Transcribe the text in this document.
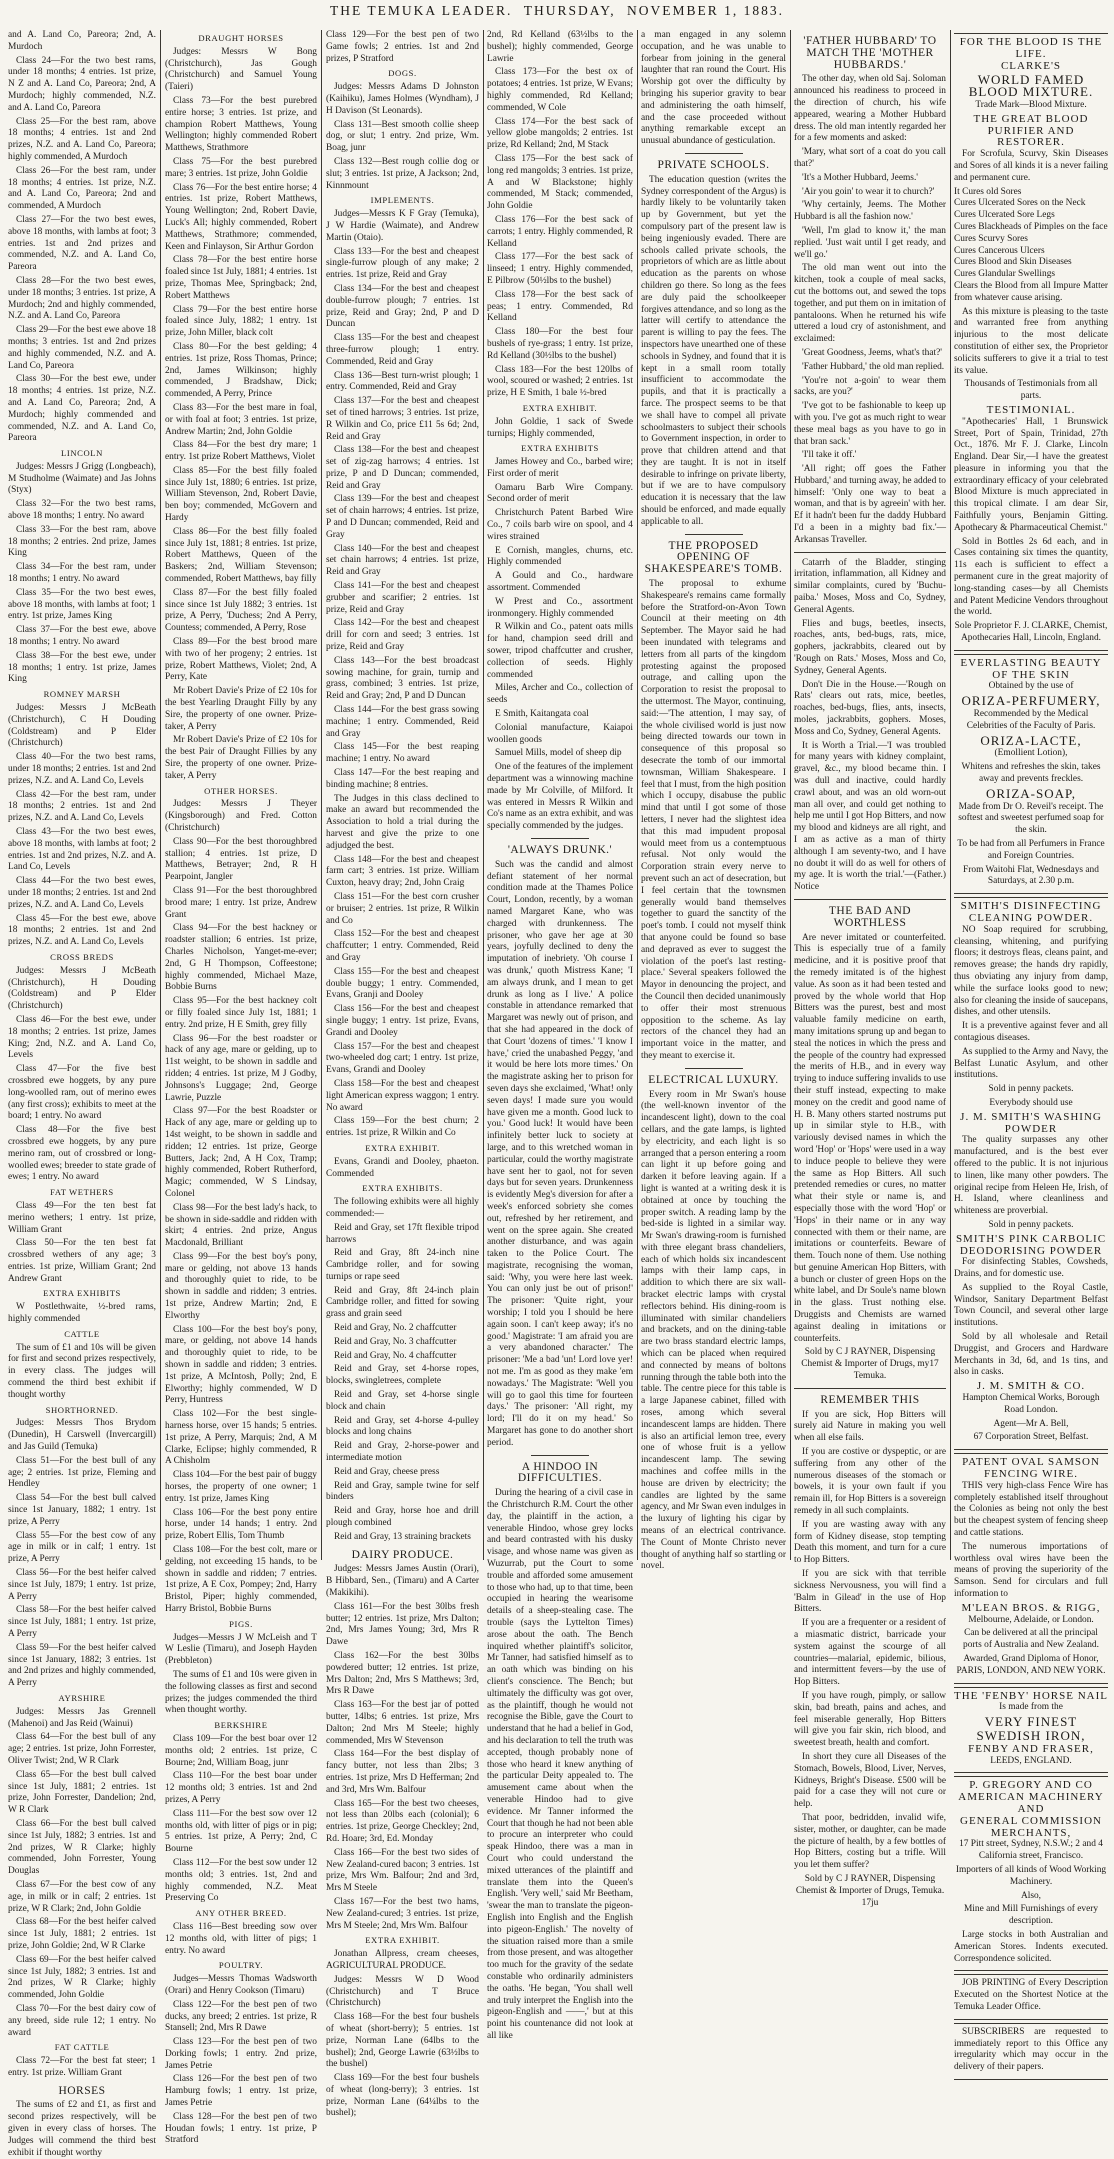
THE TEMUKA LEADER. THURSDAY, NOVEMBER 1, 1883.

and A. Land Co, Pareora; 2nd, A. Murdoch

Class 24—For the two best rams, under 18 months; 4 entries. 1st prize, N Z and A. Land Co, Pareora; 2nd, A Murdoch; highly commended, N.Z. and A. Land Co, Pareora

Class 25—For the best ram, above 18 months; 4 entries. 1st and 2nd prizes, N.Z. and A. Land Co, Pareora; highly commended, A Murdoch

Class 26—For the best ram, under 18 months; 4 entries. 1st prize, N.Z. and A. Land Co, Pareora; 2nd and commended, A Murdoch

Class 27—For the two best ewes, above 18 months, with lambs at foot; 3 entries. 1st and 2nd prizes and commended, N.Z. and A. Land Co, Pareora

Class 28—For the two best ewes, under 18 months; 3 entries. 1st prize, A Murdoch; 2nd and highly commended, N.Z. and A. Land Co, Pareora

Class 29—For the best ewe above 18 months; 3 entries. 1st and 2nd prizes and highly commended, N.Z. and A. Land Co, Pareora

Class 30—For the best ewe, under 18 months; 4 entries. 1st prize, N.Z. and A. Land Co, Pareora; 2nd, A Murdoch; highly commended and commended, N.Z. and A. Land Co, Pareora

LINCOLN

Judges: Messrs J Grigg (Longbeach), M Studholme (Waimate) and Jas Johns (Styx)

Class 32—For the two best rams, above 18 months; 1 entry. No award

Class 33—For the best ram, above 18 months; 2 entries. 2nd prize, James King

Class 34—For the best ram, under 18 months; 1 entry. No award

Class 35—For the two best ewes, above 18 months, with lambs at foot; 1 entry. 1st prize, James King

Class 37—For the best ewe, above 18 months; 1 entry. No award

Class 38—For the best ewe, under 18 months; 1 entry. 1st prize, James King

ROMNEY MARSH

Judges: Messrs J McBeath (Christchurch), C H Douding (Coldstream) and P Elder (Christchurch)

Class 40—For the two best rams, under 18 months; 2 entries. 1st and 2nd prizes, N.Z. and A. Land Co, Levels

Class 42—For the best ram, under 18 months; 2 entries. 1st and 2nd prizes, N.Z. and A. Land Co, Levels

Class 43—For the two best ewes, above 18 months, with lambs at foot; 2 entries. 1st and 2nd prizes, N.Z. and A. Land Co, Levels

Class 44—For the two best ewes, under 18 months; 2 entries. 1st and 2nd prizes, N.Z. and A. Land Co, Levels

Class 45—For the best ewe, above 18 months; 2 entries. 1st and 2nd prizes, N.Z. and A. Land Co, Levels

CROSS BREDS

Judges: Messrs J McBeath (Christchurch), H Douding (Coldstream) and P Elder (Christchurch)

Class 46—For the best ewe, under 18 months; 2 entries. 1st prize, James King; 2nd, N.Z. and A. Land Co, Levels

Class 47—For the five best crossbred ewe hoggets, by any pure long-woolled ram, out of merino ewes (any first cross); exhibits to meet at the board; 1 entry. No award

Class 48—For the five best crossbred ewe hoggets, by any pure merino ram, out of crossbred or long-woolled ewes; breeder to state grade of ewes; 1 entry. No award

FAT WETHERS

Class 49—For the ten best fat merino wethers; 1 entry. 1st prize, William Grant

Class 50—For the ten best fat crossbred wethers of any age; 3 entries. 1st prize, William Grant; 2nd Andrew Grant

EXTRA EXHIBITS

W Postlethwaite, ½-bred rams, highly commended

CATTLE

The sum of £1 and 10s will be given for first and second prizes respectively, in every class. The judges will commend the third best exhibit if thought worthy

SHORTHORNED.

Judges: Messrs Thos Brydom (Dunedin), H Carswell (Invercargill) and Jas Guild (Temuka)

Class 51—For the best bull of any age; 2 entries. 1st prize, Fleming and Hendley

Class 54—For the best bull calved since 1st January, 1882; 1 entry. 1st prize, A Perry

Class 55—For the best cow of any age in milk or in calf; 1 entry. 1st prize, A Perry

Class 56—For the best heifer calved since 1st July, 1879; 1 entry. 1st prize, A Perry

Class 58—For the best heifer calved since 1st July, 1881; 1 entry. 1st prize, A Perry

Class 59—For the best heifer calved since 1st January, 1882; 3 entries. 1st and 2nd prizes and highly commended, A Perry

AYRSHIRE

Judges: Messrs Jas Grennell (Mahenoi) and Jas Reid (Wainui)

Class 64—For the best bull of any age; 2 entries. 1st prize, John Forrester, Oliver Twist; 2nd, W R Clark

Class 65—For the best bull calved since 1st July, 1881; 2 entries. 1st prize, John Forrester, Dandelion; 2nd, W R Clark

Class 66—For the best bull calved since 1st July, 1882; 3 entries. 1st and 2nd prizes, W R Clarke; highly commended, John Forrester, Young Douglas

Class 67—For the best cow of any age, in milk or in calf; 2 entries. 1st prize, W R Clark; 2nd, John Goldie

Class 68—For the best heifer calved since 1st July, 1881; 2 entries. 1st prize, John Goldie; 2nd, W R Clarke

Class 69—For the best heifer calved since 1st July, 1882; 3 entries. 1st and 2nd prizes, W R Clarke; highly commended, John Goldie

Class 70—For the best dairy cow of any breed, side rule 12; 1 entry. No award

FAT CATTLE

Class 72—For the best fat steer; 1 entry. 1st prize. William Grant

HORSES

The sums of £2 and £1, as first and second prizes respectively, will be given in every class of horses. The Judges will commend the third best exhibit if thought worthy

DRAUGHT HORSES

Judges: Messrs W Bong (Christchurch), Jas Gough (Christchurch) and Samuel Young (Taieri)

Class 73—For the best purebred entire horse; 3 entries. 1st prize, and champion Robert Matthews, Young Wellington; highly commended Robert Matthews, Strathmore

Class 75—For the best purebred mare; 3 entries. 1st prize, John Goldie

Class 76—For the best entire horse; 4 entries. 1st prize, Robert Matthews, Young Wellington; 2nd, Robert Davie, Luck's All; highly commended, Robert Matthews, Strathmore; commended, Keen and Finlayson, Sir Arthur Gordon

Class 78—For the best entire horse foaled since 1st July, 1881; 4 entries. 1st prize, Thomas Mee, Springback; 2nd, Robert Matthews

Class 79—For the best entire horse foaled since July, 1882; 1 entry. 1st prize, John Miller, black colt

Class 80—For the best gelding; 4 entries. 1st prize, Ross Thomas, Prince; 2nd, James Wilkinson; highly commended, J Bradshaw, Dick; commended, A Perry, Prince

Class 83—For the best mare in foal, or with foal at foot; 3 entries. 1st prize, Andrew Martin; 2nd, John Goldie

Class 84—For the best dry mare; 1 entry. 1st prize Robert Matthews, Violet

Class 85—For the best filly foaled since July 1st, 1880; 6 entries. 1st prize, William Stevenson, 2nd, Robert Davie, ben boy; commended, McGovern and Hardy

Class 86—For the best filly foaled since July 1st, 1881; 8 entries. 1st prize, Robert Matthews, Queen of the Baskers; 2nd, William Stevenson; commended, Robert Matthews, bay filly

Class 87—For the best filly foaled since since 1st July 1882; 3 entries. 1st prize, A Perry, 'Duchess; 2nd A Perry, Countess; commended, A Perry, Rose

Class 89—For the best brood mare with two of her progeny; 2 entries. 1st prize, Robert Matthews, Violet; 2nd, A Perry, Kate

Mr Robert Davie's Prize of £2 10s for the best Yearling Draught Filly by any Sire, the property of one owner. Prize-taker, A Perry

Mr Robert Davie's Prize of £2 10s for the best Pair of Draught Fillies by any Sire, the property of one owner. Prize-taker, A Perry

OTHER HORSES.

Judges: Messrs J Theyer (Kingsborough) and Fred. Cotton (Christchurch)

Class 90—For the best thoroughbred stallion; 4 entries. 1st prize, D Matthews, Betrayer; 2nd, R H Pearpoint, Jangler

Class 91—For the best thoroughbred brood mare; 1 entry. 1st prize, Andrew Grant

Class 94—For the best hackney or roadster stallion; 6 entries. 1st prize, Charles Nicholson, Yanget-me-ever; 2nd, G H Thompson, Coffeestone; highly commended, Michael Maze, Bobbie Burns

Class 95—For the best hackney colt or filly foaled since July 1st, 1881; 1 entry. 2nd prize, H E Smith, grey filly

Class 96—For the best roadster or hack of any age, mare or gelding, up to 11st weight, to be shown in saddle and ridden; 4 entries. 1st prize, M J Godby, Johnsons's Luggage; 2nd, George Lawrie, Puzzle

Class 97—For the best Roadster or Hack of any age, mare or gelding up to 14st weight, to be shown in saddle and ridden; 12 entries. 1st prize, George Butters, Jack; 2nd, A H Cox, Tramp; highly commended, Robert Rutherford, Magic; commended, W S Lindsay, Colonel

Class 98—For the best lady's hack, to be shown in side-saddle and ridden with skirt; 4 entries. 2nd prize, Angus Macdonald, Brilliant

Class 99—For the best boy's pony, mare or gelding, not above 13 hands and thoroughly quiet to ride, to be shown in saddle and ridden; 3 entries. 1st prize, Andrew Martin; 2nd, E Elworthy

Class 100—For the best boy's pony, mare, or gelding, not above 14 hands and thoroughly quiet to ride, to be shown in saddle and ridden; 3 entries. 1st prize, A McIntosh, Polly; 2nd, E Elworthy; highly commended, W D Perry, Huntress

Class 102—For the best single-harness horse, over 15 hands; 5 entries. 1st prize, A Perry, Marquis; 2nd, A M Clarke, Eclipse; highly commended, R A Chisholm

Class 104—For the best pair of buggy horses, the property of one owner; 1 entry. 1st prize, James King

Class 106—For the best pony entire horse, under 14 hands; 1 entry. 2nd prize, Robert Ellis, Tom Thumb

Class 108—For the best colt, mare or gelding, not exceeding 15 hands, to be shown in saddle and ridden; 7 entries. 1st prize, A E Cox, Pompey; 2nd, Harry Bristol, Piper; highly commended, Harry Bristol, Bobbie Burns

PIGS.

Judges—Messrs J W McLeish and T W Leslie (Timaru), and Joseph Hayden (Prebbleton)

The sums of £1 and 10s were given in the following classes as first and second prizes; the judges commended the third when thought worthy.

BERKSHIRE

Class 109—For the best boar over 12 months old; 2 entries. 1st prize, C Bourne; 2nd, William Boag, junr

Class 110—For the best boar under 12 months old; 3 entries. 1st and 2nd prizes, A Perry

Class 111—For the best sow over 12 months old, with litter of pigs or in pig; 5 entries. 1st prize, A Perry; 2nd, C Bourne

Class 112—For the best sow under 12 months old; 3 entries. 1st, 2nd and highly commended, N.Z. Meat Preserving Co

ANY OTHER BREED.

Class 116—Best breeding sow over 12 months old, with litter of pigs; 1 entry. No award

POULTRY.

Judges—Messrs Thomas Wadsworth (Orari) and Henry Cookson (Timaru)

Class 122—For the best pen of two ducks, any breed; 2 entries. 1st prize, R Stansell; 2nd, Mrs R Dawe

Class 123—For the best pen of two Dorking fowls; 1 entry. 2nd prize, James Petrie

Class 126—For the best pen of two Hamburg fowls; 1 entry. 1st prize, James Petrie

Class 128—For the best pen of two Houdan fowls; 1 entry. 1st prize, P Stratford

Class 129—For the best pen of two Game fowls; 2 entries. 1st and 2nd prizes, P Stratford

DOGS.

Judges: Messrs Adams D Johnston (Kaihiku), James Holmes (Wyndham), J H Davison (St Leonards).

Class 131—Best smooth collie sheep dog, or slut; 1 entry. 2nd prize, Wm. Boag, junr

Class 132—Best rough collie dog or slut; 3 entries. 1st prize, A Jackson; 2nd, Kinnmount

IMPLEMENTS.

Judges—Messrs K F Gray (Temuka), J W Hardie (Waimate), and Andrew Martin (Otaio).

Class 133—For the best and cheapest single-furrow plough of any make; 2 entries. 1st prize, Reid and Gray

Class 134—For the best and cheapest double-furrow plough; 7 entries. 1st prize, Reid and Gray; 2nd, P and D Duncan

Class 135—For the best and cheapest three-furrow plough; 1 entry. Commended, Reid and Gray

Class 136—Best turn-wrist plough; 1 entry. Commended, Reid and Gray

Class 137—For the best and cheapest set of tined harrows; 3 entries. 1st prize, R Wilkin and Co, price £11 5s 6d; 2nd, Reid and Gray

Class 138—For the best and cheapest set of zig-zag harrows; 4 entries. 1st prize, P and D Duncan; commended, Reid and Gray

Class 139—For the best and cheapest set of chain harrows; 4 entries. 1st prize, P and D Duncan; commended, Reid and Gray

Class 140—For the best and cheapest set chain harrows; 4 entries. 1st prize, Reid and Gray

Class 141—For the best and cheapest grubber and scarifier; 2 entries. 1st prize, Reid and Gray

Class 142—For the best and cheapest drill for corn and seed; 3 entries. 1st prize, Reid and Gray

Class 143—For the best broadcast sowing machine, for grain, turnip and grass, combined; 3 entries. 1st prize, Reid and Gray; 2nd, P and D Duncan

Class 144—For the best grass sowing machine; 1 entry. Commended, Reid and Gray

Class 145—For the best reaping machine; 1 entry. No award

Class 147—For the best reaping and binding machine; 8 entries.

The Judges in this class declined to make an award but recommended the Association to hold a trial during the harvest and give the prize to one adjudged the best.

Class 148—For the best and cheapest farm cart; 3 entries. 1st prize. William Cuxton, heavy dray; 2nd, John Craig

Class 151—For the best corn crusher or bruiser; 2 entries. 1st prize, R Wilkin and Co

Class 152—For the best and cheapest chaffcutter; 1 entry. Commended, Reid and Gray

Class 155—For the best and cheapest double buggy; 1 entry. Commended, Evans, Granji and Dooley

Class 156—For the best and cheapest single buggy; 1 entry. 1st prize, Evans, Grandi and Dooley

Class 157—For the best and cheapest two-wheeled dog cart; 1 entry. 1st prize, Evans, Grandi and Dooley

Class 158—For the best and cheapest light American express waggon; 1 entry. No award

Class 159—For the best churn; 2 entries. 1st prize, R Wilkin and Co

EXTRA EXHIBIT.

Evans, Grandi and Dooley, phaeton. Commended

EXTRA EXHIBITS.

The following exhibits were all highly commended:—

Reid and Gray, set 17ft flexible tripod harrows

Reid and Gray, 8ft 24-inch nine Cambridge roller, and for sowing turnips or rape seed

Reid and Gray, 8ft 24-inch plain Cambridge roller, and fitted for sowing grass and grain seed

Reid and Gray, No. 2 chaffcutter

Reid and Gray, No. 3 chaffcutter

Reid and Gray, No. 4 chaffcutter

Reid and Gray, set 4-horse ropes, blocks, swingletrees, complete

Reid and Gray, set 4-horse single block and chain

Reid and Gray, set 4-horse 4-pulley blocks and long chains

Reid and Gray, 2-horse-power and intermediate motion

Reid and Gray, cheese press

Reid and Gray, sample twine for self binders

Reid and Gray, horse hoe and drill plough combined

Reid and Gray, 13 straining brackets

DAIRY PRODUCE.

Judges: Messrs James Austin (Orari), B Hibbard, Sen., (Timaru) and A Carter (Makikihi).

Class 161—For the best 30lbs fresh butter; 12 entries. 1st prize, Mrs Dalton; 2nd, Mrs James Young; 3rd, Mrs R Dawe

Class 162—For the best 30lbs powdered butter; 12 entries. 1st prize, Mrs Dalton; 2nd, Mrs S Matthews; 3rd, Mrs R Dawe

Class 163—For the best jar of potted butter, 14lbs; 6 entries. 1st prize, Mrs Dalton; 2nd Mrs M Steele; highly commended, Mrs W Stevenson

Class 164—For the best display of fancy butter, not less than 2lbs; 3 entries. 1st prize, Mrs D Hefferman; 2nd and 3rd, Mrs Wm. Balfour

Class 165—For the best two cheeses, not less than 20lbs each (colonial); 6 entries. 1st prize, George Checkley; 2nd, Rd. Hoare; 3rd, Ed. Monday

Class 166—For the best two sides of New Zealand-cured bacon; 3 entries. 1st prize, Mrs Wm. Balfour; 2nd and 3rd, Mrs M Steele

Class 167—For the best two hams, New Zealand-cured; 3 entries. 1st prize, Mrs M Steele; 2nd, Mrs Wm. Balfour

EXTRA EXHIBIT.

Jonathan Allpress, cream cheeses, AGRICULTURAL PRODUCE.

Judges: Messrs W D Wood (Christchurch) and T Bruce (Christchurch)

Class 168—For the best four bushels of wheat (short-berry); 5 entries. 1st prize, Norman Lane (64lbs to the bushel); 2nd, George Lawrie (63½lbs to the bushel)

Class 169—For the best four bushels of wheat (long-berry); 3 entries. 1st prize, Norman Lane (64¼lbs to the bushel);

2nd, Rd Kelland (63½lbs to the bushel); highly commended, George Lawrie

Class 173—For the best ox of potatoes; 4 entries. 1st prize, W Evans; highly commended, Rd Kelland; commended, W Cole

Class 174—For the best sack of yellow globe mangolds; 2 entries. 1st prize, Rd Kelland; 2nd, M Stack

Class 175—For the best sack of long red mangolds; 3 entries. 1st prize, A and W Blackstone; highly commended, M Stack; commended, John Goldie

Class 176—For the best sack of carrots; 1 entry. Highly commended, R Kelland

Class 177—For the best sack of linseed; 1 entry. Highly commended, E Pilbrow (50½lbs to the bushel)

Class 178—For the best sack of peas; 1 entry. Commended, Rd Kelland

Class 180—For the best four bushels of rye-grass; 1 entry. 1st prize, Rd Kelland (30½lbs to the bushel)

Class 183—For the best 120lbs of wool, scoured or washed; 2 entries. 1st prize, H E Smith, 1 bale ½-bred

EXTRA EXHIBIT.

John Goldie, 1 sack of Swede turnips; Highly commended,

EXTRA EXHIBITS

James Howey and Co., barbed wire; First order of merit

Oamaru Barb Wire Company. Second order of merit

Christchurch Patent Barbed Wire Co., 7 coils barb wire on spool, and 4 wires strained

E Cornish, mangles, churns, etc. Highly commended

A Gould and Co., hardware assortment. Commended

W Prest and Co., assortment ironmongery. Highly commended

R Wilkin and Co., patent oats mills for hand, champion seed drill and sower, tripod chaffcutter and crusher, collection of seeds. Highly commended

Miles, Archer and Co., collection of seeds

E Smith, Kaitangata coal

Colonial manufacture, Kaiapoi woollen goods

Samuel Mills, model of sheep dip

One of the features of the implement department was a winnowing machine made by Mr Colville, of Milford. It was entered in Messrs R Wilkin and Co's name as an extra exhibit, and was specially commended by the judges.

'ALWAYS DRUNK.'

Such was the candid and almost defiant statement of her normal condition made at the Thames Police Court, London, recently, by a woman named Margaret Kane, who was charged with drunkenness. The prisoner, who gave her age at 30 years, joyfully declined to deny the imputation of inebriety. 'Oh course I was drunk,' quoth Mistress Kane; 'I am always drunk, and I mean to get drunk as long as I live.' A police constable in attendance remarked that Margaret was newly out of prison, and that she had appeared in the dock of that Court 'dozens of times.' 'I know I have,' cried the unabashed Peggy, 'and it would be here lots more times.' On the magistrate asking her to prison for seven days she exclaimed, 'What! only seven days! I made sure you would have given me a month. Good luck to you.' Good luck! It would have been infinitely better luck to society at large, and to this wretched woman in particular, could the worthy magistrate have sent her to gaol, not for seven days but for seven years. Drunkenness is evidently Meg's diversion for after a week's enforced sobriety she comes out, refreshed by her retirement, and went on the spree again. She created another disturbance, and was again taken to the Police Court. The magistrate, recognising the woman, said: 'Why, you were here last week. You can only just be out of prison!' The prisoner: 'Quite right, your worship; I told you I should be here again soon. I can't keep away; it's no good.' Magistrate: 'I am afraid you are a very abandoned character.' The prisoner: 'Me a bad 'un! Lord love yer! not me. I'm as good as they make 'em nowadays.' The Magistrate: 'Well you will go to gaol this time for fourteen days.' The prisoner: 'All right, my lord; I'll do it on my head.' So Margaret has gone to do another short period.

A HINDOO IN DIFFICULTIES.

During the hearing of a civil case in the Christchurch R.M. Court the other day, the plaintiff in the action, a venerable Hindoo, whose grey locks and beard contrasted with his dusky visage, and whose name was given as Wuzurrab, put the Court to some trouble and afforded some amusement to those who had, up to that time, been occupied in hearing the wearisome details of a sheep-stealing case. The trouble (says the Lyttelton Times) arose about the oath. The Bench inquired whether plaintiff's solicitor, Mr Tanner, had satisfied himself as to an oath which was binding on his client's conscience. The Bench; but ultimately the difficulty was got over, as the plaintiff, though he would not recognise the Bible, gave the Court to understand that he had a belief in God, and his declaration to tell the truth was accepted, though probably none of those who heard it knew anything of the particular Deity appealed to. The amusement came about when the venerable Hindoo had to give evidence. Mr Tanner informed the Court that though he had not been able to procure an interpreter who could speak Hindoo, there was a man in Court who could understand the mixed utterances of the plaintiff and translate them into the Queen's English. 'Very well,' said Mr Beetham, 'swear the man to translate the pigeon-English into English and the English into pigeon-English.' The novelty of the situation raised more than a smile from those present, and was altogether too much for the gravity of the sedate constable who ordinarily administers the oaths. 'He began, 'You shall well and truly interpret the English into the pigeon-English and ——,' but at this point his countenance did not look at all like

a man engaged in any solemn occupation, and he was unable to forbear from joining in the general laughter that ran round the Court. His Worship got over the difficulty by bringing his superior gravity to bear and administering the oath himself, and the case proceeded without anything remarkable except an unusual abundance of gesticulation.

PRIVATE SCHOOLS.

The education question (writes the Sydney correspondent of the Argus) is hardly likely to be voluntarily taken up by Government, but yet the compulsory part of the present law is being ingeniously evaded. There are schools called private schools, the proprietors of which are as little about education as the parents on whose children go there. So long as the fees are duly paid the schoolkeeper forgives attendance, and so long as the latter will certify to attendance the parent is willing to pay the fees. The inspectors have unearthed one of these schools in Sydney, and found that it is kept in a small room totally insufficient to accommodate the pupils, and that it is practically a farce. The prospect seems to be that we shall have to compel all private schoolmasters to subject their schools to Government inspection, in order to prove that children attend and that they are taught. It is not in itself desirable to infringe on private liberty, but if we are to have compulsory education it is necessary that the law should be enforced, and made equally applicable to all.

THE PROPOSED OPENING OF SHAKESPEARE'S TOMB.

The proposal to exhume Shakespeare's remains came formally before the Stratford-on-Avon Town Council at their meeting on 4th September. The Mayor said he had been inundated with telegrams and letters from all parts of the kingdom protesting against the proposed outrage, and calling upon the Corporation to resist the proposal to the uttermost. The Mayor, continuing, said:—'The attention, I may say, of the whole civilised world is just now being directed towards our town in consequence of this proposal so desecrate the tomb of our immortal townsman, William Shakespeare. I feel that I must, from the high position which I occupy, disabuse the public mind that until I got some of those letters, I never had the slightest idea that this mad impudent proposal would meet from us a contemptuous refusal. Not only would the Corporation strain every nerve to prevent such an act of desecration, but I feel certain that the townsmen generally would band themselves together to guard the sanctity of the poet's tomb. I could not myself think that anyone could be found so base and depraved as ever to suggest the violation of the poet's last resting-place.' Several speakers followed the Mayor in denouncing the project, and the Council then decided unanimously to offer their most strenuous opposition to the scheme. As lay rectors of the chancel they had an important voice in the matter, and they meant to exercise it.

ELECTRICAL LUXURY.

Every room in Mr Swan's house (the well-known inventor of the incandescent light), down to the coal cellars, and the gate lamps, is lighted by electricity, and each light is so arranged that a person entering a room can light it up before going and darken it before leaving again. If a light is wanted at a writing desk it is obtained at once by touching the proper switch. A reading lamp by the bed-side is lighted in a similar way. Mr Swan's drawing-room is furnished with three elegant brass chandeliers, each of which holds six incandescent lamps with their lamp caps, in addition to which there are six wall-bracket electric lamps with crystal reflectors behind. His dining-room is illuminated with similar chandeliers and brackets, and on the dining-table are two brass standard electric lamps, which can be placed when required and connected by means of boltons running through the table both into the table. The centre piece for this table is a large Japanese cabinet, filled with roses, among which several incandescent lamps are hidden. There is also an artificial lemon tree, every one of whose fruit is a yellow incandescent lamp. The sewing machines and coffee mills in the house are driven by electricity; the candles are lighted by the same agency, and Mr Swan even indulges in the luxury of lighting his cigar by means of an electrical contrivance. The Count of Monte Christo never thought of anything half so startling or novel.

'FATHER HUBBARD' TO MATCH THE 'MOTHER HUBBARDS.'

The other day, when old Saj. Soloman announced his readiness to proceed in the direction of church, his wife appeared, wearing a Mother Hubbard dress. The old man intently regarded her for a few moments and asked:

'Mary, what sort of a coat do you call that?'

'It's a Mother Hubbard, Jeems.'

'Air you goin' to wear it to church?'

'Why certainly, Jeems. The Mother Hubbard is all the fashion now.'

'Well, I'm glad to know it,' the man replied. 'Just wait until I get ready, and we'll go.'

The old man went out into the kitchen, took a couple of meal sacks, cut the bottoms out, and sewed the tops together, and put them on in imitation of pantaloons. When he returned his wife uttered a loud cry of astonishment, and exclaimed:

'Great Goodness, Jeems, what's that?'

'Father Hubbard,' the old man replied.

'You're not a-goin' to wear them sacks, are you?'

'I've got to be fashionable to keep up with you. I've got as much right to wear these meal bags as you have to go in that bran sack.'

'I'll take it off.'

'All right; off goes the Father Hubbard,' and turning away, he added to himself: 'Only one way to beat a woman, and that is by agreein' with her. Ef it hadn't been fur the daddy Hubbard I'd a been in a mighty bad fix.'—Arkansas Traveller.

Catarrh of the Bladder, stinging irritation, inflammation, all Kidney and similar complaints, cured by 'Buchu-paiba.' Moses, Moss and Co, Sydney, General Agents.

Flies and bugs, beetles, insects, roaches, ants, bed-bugs, rats, mice, gophers, jackrabbits, cleared out by 'Rough on Rats.' Moses, Moss and Co, Sydney, General Agents.

Don't Die in the House.—'Rough on Rats' clears out rats, mice, beetles, roaches, bed-bugs, flies, ants, insects, moles, jackrabbits, gophers. Moses, Moss and Co, Sydney, General Agents.

It is Worth a Trial.—'I was troubled for many years with kidney complaint, gravel, &c., my blood became thin. I was dull and inactive, could hardly crawl about, and was an old worn-out man all over, and could get nothing to help me until I got Hop Bitters, and now my blood and kidneys are all right, and I am as active as a man of thirty although I am seventy-two, and I have no doubt it will do as well for others of my age. It is worth the trial.'—(Father.) Notice

THE BAD AND WORTHLESS

Are never imitated or counterfeited. This is especially true of a family medicine, and it is positive proof that the remedy imitated is of the highest value. As soon as it had been tested and proved by the whole world that Hop Bitters was the purest, best and most valuable family medicine on earth, many imitations sprung up and began to steal the notices in which the press and the people of the country had expressed the merits of H.B., and in every way trying to induce suffering invalids to use their stuff instead, expecting to make money on the credit and good name of H. B. Many others started nostrums put up in similar style to H.B., with variously devised names in which the word 'Hop' or 'Hops' were used in a way to induce people to believe they were the same as Hop Bitters. All such pretended remedies or cures, no matter what their style or name is, and especially those with the word 'Hop' or 'Hops' in their name or in any way connected with them or their name, are imitations or counterfeits. Beware of them. Touch none of them. Use nothing but genuine American Hop Bitters, with a bunch or cluster of green Hops on the white label, and Dr Soule's name blown in the glass. Trust nothing else. Druggists and Chemists are warned against dealing in imitations or counterfeits.

Sold by C J RAYNER, Dispensing Chemist & Importer of Drugs, my17 Temuka.

REMEMBER THIS

If you are sick, Hop Bitters will surely aid Nature in making you well when all else fails.

If you are costive or dyspeptic, or are suffering from any other of the numerous diseases of the stomach or bowels, it is your own fault if you remain ill, for Hop Bitters is a sovereign remedy in all such complaints.

If you are wasting away with any form of Kidney disease, stop tempting Death this moment, and turn for a cure to Hop Bitters.

If you are sick with that terrible sickness Nervousness, you will find a 'Balm in Gilead' in the use of Hop Bitters.

If you are a frequenter or a resident of a miasmatic district, barricade your system against the scourge of all countries—malarial, epidemic, bilious, and intermittent fevers—by the use of Hop Bitters.

If you have rough, pimply, or sallow skin, bad breath, pains and aches, and feel miserable generally, Hop Bitters will give you fair skin, rich blood, and sweetest breath, health and comfort.

In short they cure all Diseases of the Stomach, Bowels, Blood, Liver, Nerves, Kidneys, Bright's Disease. £500 will be paid for a case they will not cure or help.

That poor, bedridden, invalid wife, sister, mother, or daughter, can be made the picture of health, by a few bottles of Hop Bitters, costing but a trifle. Will you let them suffer?

Sold by C J RAYNER, Dispensing Chemist & Importer of Drugs, Temuka. 17ju

FOR THE BLOOD IS THE LIFE.
CLARKE'S
WORLD FAMED BLOOD MIXTURE.

Trade Mark—Blood Mixture.

THE GREAT BLOOD PURIFIER AND RESTORER.

For Scrofula, Scurvy, Skin Diseases and Sores of all kinds it is a never failing and permanent cure.

It Cures old Sores
Cures Ulcerated Sores on the Neck
Cures Ulcerated Sore Legs
Cures Blackheads of Pimples on the face
Cures Scurvy Sores
Cures Cancerous Ulcers
Cures Blood and Skin Diseases
Cures Glandular Swellings
Clears the Blood from all Impure Matter from whatever cause arising.

As this mixture is pleasing to the taste and warranted free from anything injurious to the most delicate constitution of either sex, the Proprietor solicits sufferers to give it a trial to test its value.

Thousands of Testimonials from all parts.

TESTIMONIAL.

"Apothecaries' Hall, 1 Brunswick Street, Port of Spain, Trinidad, 27th Oct., 1876. Mr F. J. Clarke, Lincoln England. Dear Sir,—I have the greatest pleasure in informing you that the extraordinary efficacy of your celebrated Blood Mixture is much appreciated in this tropical climate. I am dear Sir, Faithfully yours, Benjamin Gitting. Apothecary & Pharmaceutical Chemist."

Sold in Bottles 2s 6d each, and in Cases containing six times the quantity, 11s each is sufficient to effect a permanent cure in the great majority of long-standing cases—by all Chemists and Patent Medicine Vendors throughout the world.

Sole Proprietor F. J. CLARKE, Chemist, Apothecaries Hall, Lincoln, England.

EVERLASTING BEAUTY OF THE SKIN

Obtained by the use of

ORIZA-PERFUMERY,

Recommended by the Medical Celebrities of the Faculty of Paris.

ORIZA-LACTE,

(Emollient Lotion),

Whitens and refreshes the skin, takes away and prevents freckles.

ORIZA-SOAP,

Made from Dr O. Reveil's receipt. The softest and sweetest perfumed soap for the skin.

To be had from all Perfumers in France and Foreign Countries.

From Waitohi Flat, Wednesdays and Saturdays, at 2.30 p.m.

SMITH'S DISINFECTING CLEANING POWDER.

NO Soap required for scrubbing, cleansing, whitening, and purifying floors; it destroys fleas, cleans paint, and removes grease; the hands dry rapidly, thus obviating any injury from damp, while the surface looks good to new; also for cleaning the inside of saucepans, dishes, and other utensils.

It is a preventive against fever and all contagious diseases.

As supplied to the Army and Navy, the Belfast Lunatic Asylum, and other institutions.

Sold in penny packets.

Everybody should use

J. M. SMITH'S WASHING POWDER

The quality surpasses any other manufactured, and is the best ever offered to the public. It is not injurious to linen, like many other powders. The original recipe from Heleen He, Irish, of H. Island, where cleanliness and whiteness are proverbial.

Sold in penny packets.

SMITH'S PINK CARBOLIC DEODORISING POWDER

For disinfecting Stables, Cowsheds, Drains, and for domestic use.

As supplied to the Royal Castle, Windsor, Sanitary Department Belfast Town Council, and several other large institutions.

Sold by all wholesale and Retail Druggist, and Grocers and Hardware Merchants in 3d, 6d, and 1s tins, and also in casks.

J. M. SMITH & CO.

Hampton Chemical Works, Borough Road London.

Agent—Mr A. Bell,

67 Corporation Street, Belfast.

PATENT OVAL SAMSON FENCING WIRE.

THIS very high-class Fence Wire has completely established itself throughout the Colonies as being not only the best but the cheapest system of fencing sheep and cattle stations.

The numerous importations of worthless oval wires have been the means of proving the superiority of the Samson. Send for circulars and full information to

M'LEAN BROS. & RIGG,

Melbourne, Adelaide, or London.

Can be delivered at all the principal ports of Australia and New Zealand.

Awarded, Grand Diploma of Honor, PARIS, LONDON, AND NEW YORK.

THE 'FENBY' HORSE NAIL

Is made from the

VERY FINEST
SWEDISH IRON,
FENBY AND FRASER,

LEEDS, ENGLAND.

P. GREGORY AND CO
AMERICAN MACHINERY AND
GENERAL COMMISSION MERCHANTS,

17 Pitt street, Sydney, N.S.W.; 2 and 4 California street, Francisco.

Importers of all kinds of Wood Working Machinery.

Also,

Mine and Mill Furnishings of every description.

Large stocks in both Australian and American Stores. Indents executed. Correspondence solicited.

JOB PRINTING of Every Description Executed on the Shortest Notice at the Temuka Leader Office.

SUBSCRIBERS are requested to immediately report to this Office any irregularity which may occur in the delivery of their papers.
